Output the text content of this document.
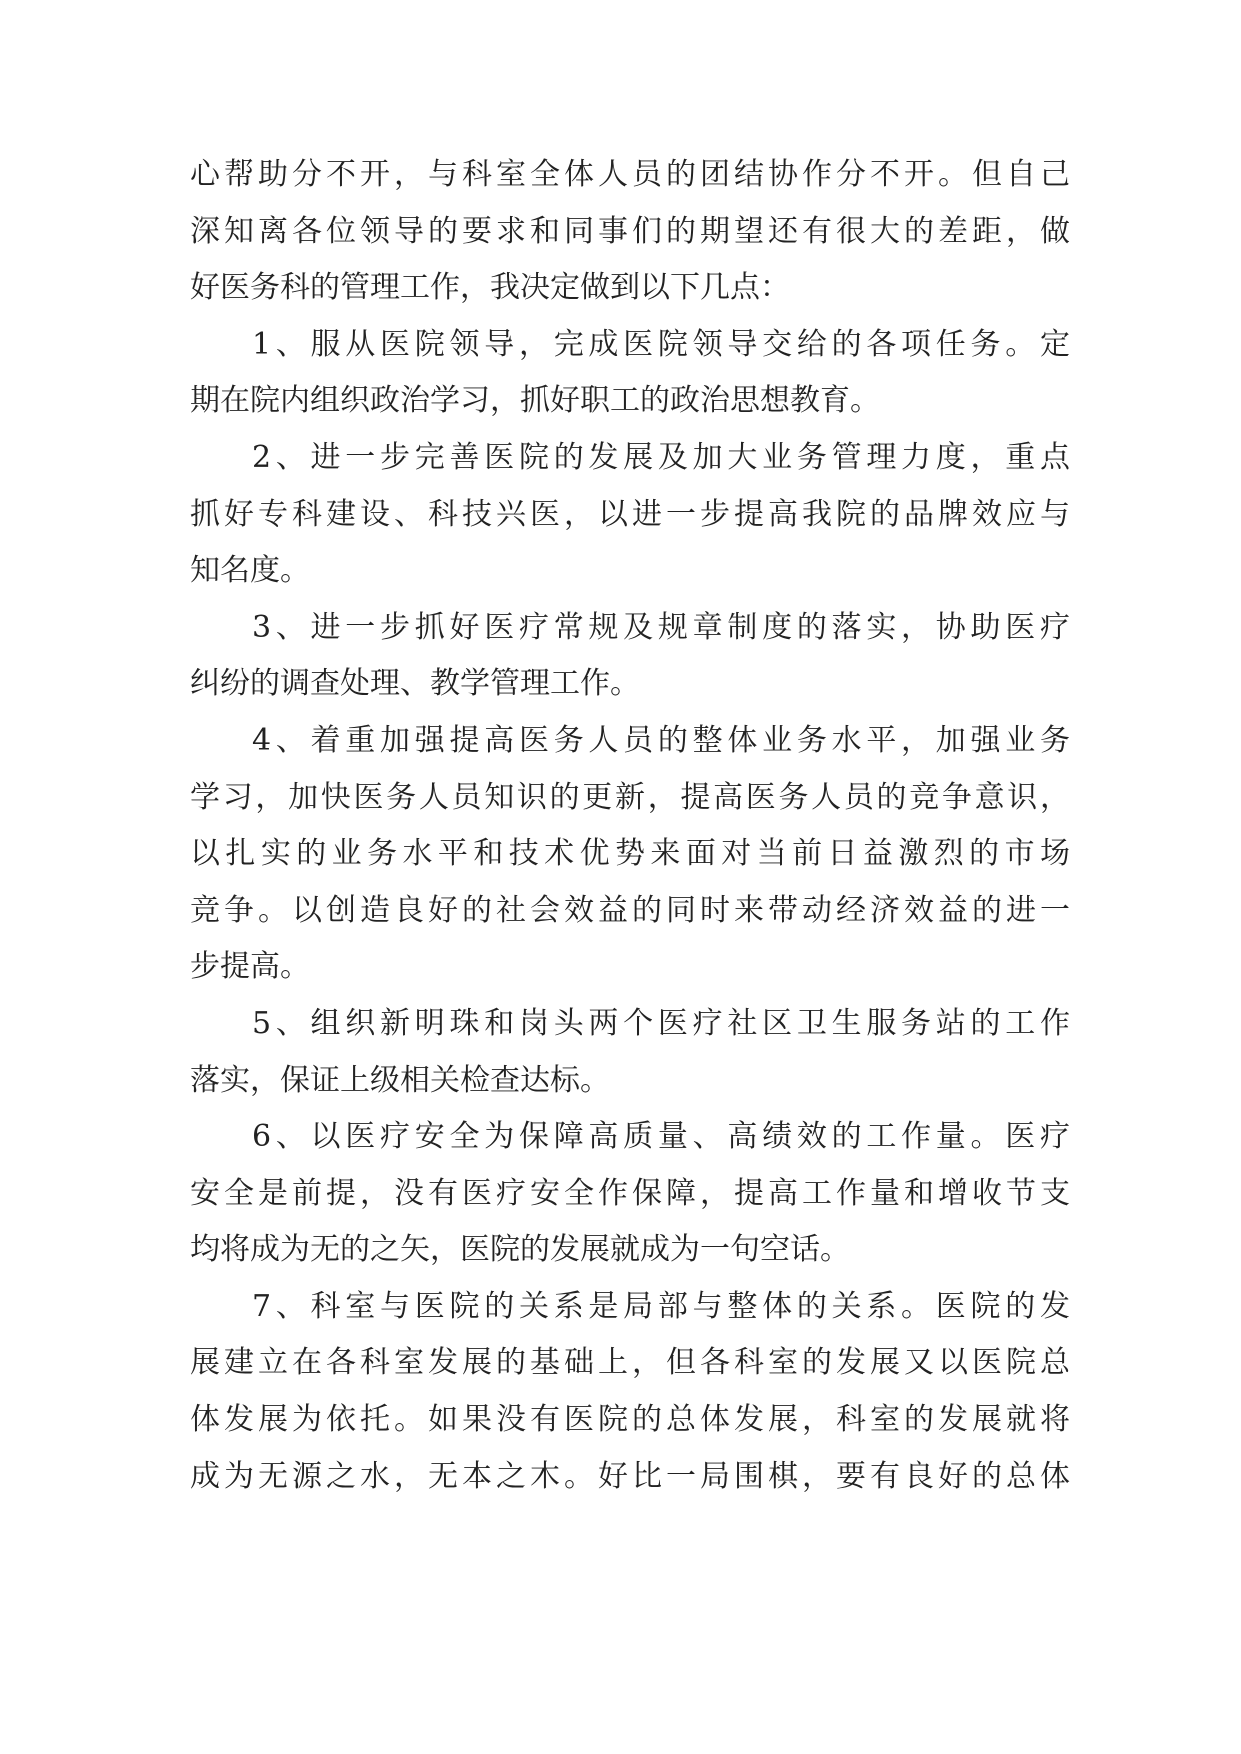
心帮助分不开，与科室全体人员的团结协作分不开。但自己
深知离各位领导的要求和同事们的期望还有很大的差距，做
好医务科的管理工作，我决定做到以下几点：
1、服从医院领导，完成医院领导交给的各项任务。定
期在院内组织政治学习，抓好职工的政治思想教育。
2、进一步完善医院的发展及加大业务管理力度，重点
抓好专科建设、科技兴医，以进一步提高我院的品牌效应与
知名度。
3、进一步抓好医疗常规及规章制度的落实，协助医疗
纠纷的调查处理、教学管理工作。
4、着重加强提高医务人员的整体业务水平，加强业务
学习，加快医务人员知识的更新，提高医务人员的竞争意识，
以扎实的业务水平和技术优势来面对当前日益激烈的市场
竞争。以创造良好的社会效益的同时来带动经济效益的进一
步提高。
5、组织新明珠和岗头两个医疗社区卫生服务站的工作
落实，保证上级相关检查达标。
6、以医疗安全为保障高质量、高绩效的工作量。医疗
安全是前提，没有医疗安全作保障，提高工作量和增收节支
均将成为无的之矢，医院的发展就成为一句空话。
7、科室与医院的关系是局部与整体的关系。医院的发
展建立在各科室发展的基础上，但各科室的发展又以医院总
体发展为依托。如果没有医院的总体发展，科室的发展就将
成为无源之水，无本之木。好比一局围棋，要有良好的总体
